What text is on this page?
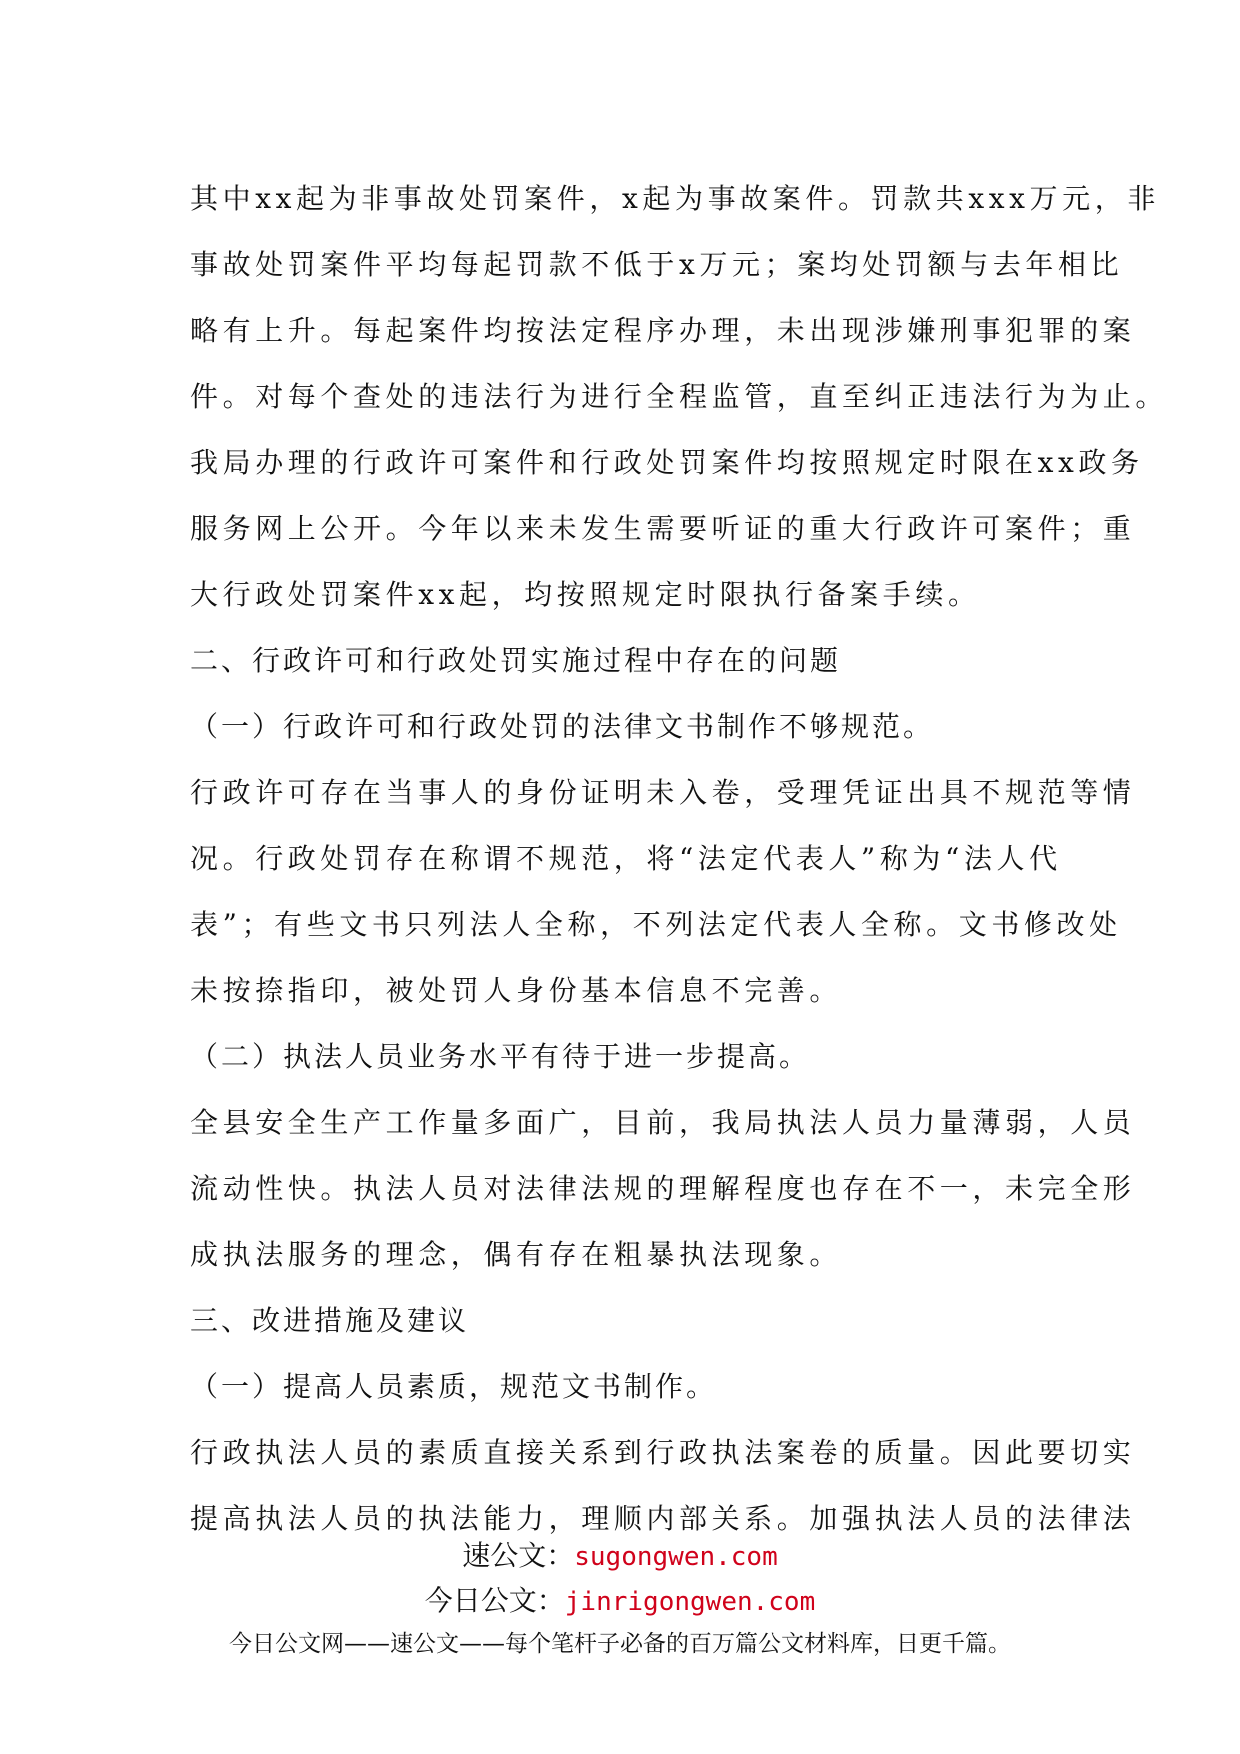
其中xx起为非事故处罚案件，x起为事故案件。罚款共xxx万元，非
事故处罚案件平均每起罚款不低于x万元；案均处罚额与去年相比
略有上升。每起案件均按法定程序办理，未出现涉嫌刑事犯罪的案
件。对每个查处的违法行为进行全程监管，直至纠正违法行为为止。
我局办理的行政许可案件和行政处罚案件均按照规定时限在xx政务
服务网上公开。今年以来未发生需要听证的重大行政许可案件；重
大行政处罚案件xx起，均按照规定时限执行备案手续。
二、行政许可和行政处罚实施过程中存在的问题
（一）行政许可和行政处罚的法律文书制作不够规范。
行政许可存在当事人的身份证明未入卷，受理凭证出具不规范等情
况。行政处罚存在称谓不规范，将“法定代表人”称为“法人代
表”；有些文书只列法人全称，不列法定代表人全称。文书修改处
未按捺指印，被处罚人身份基本信息不完善。
（二）执法人员业务水平有待于进一步提高。
全县安全生产工作量多面广，目前，我局执法人员力量薄弱，人员
流动性快。执法人员对法律法规的理解程度也存在不一，未完全形
成执法服务的理念，偶有存在粗暴执法现象。
三、改进措施及建议
（一）提高人员素质，规范文书制作。
行政执法人员的素质直接关系到行政执法案卷的质量。因此要切实
提高执法人员的执法能力，理顺内部关系。加强执法人员的法律法
速公文：sugongwen.com
今日公文：jinrigongwen.com
今日公文网——速公文——每个笔杆子必备的百万篇公文材料库，日更千篇。
